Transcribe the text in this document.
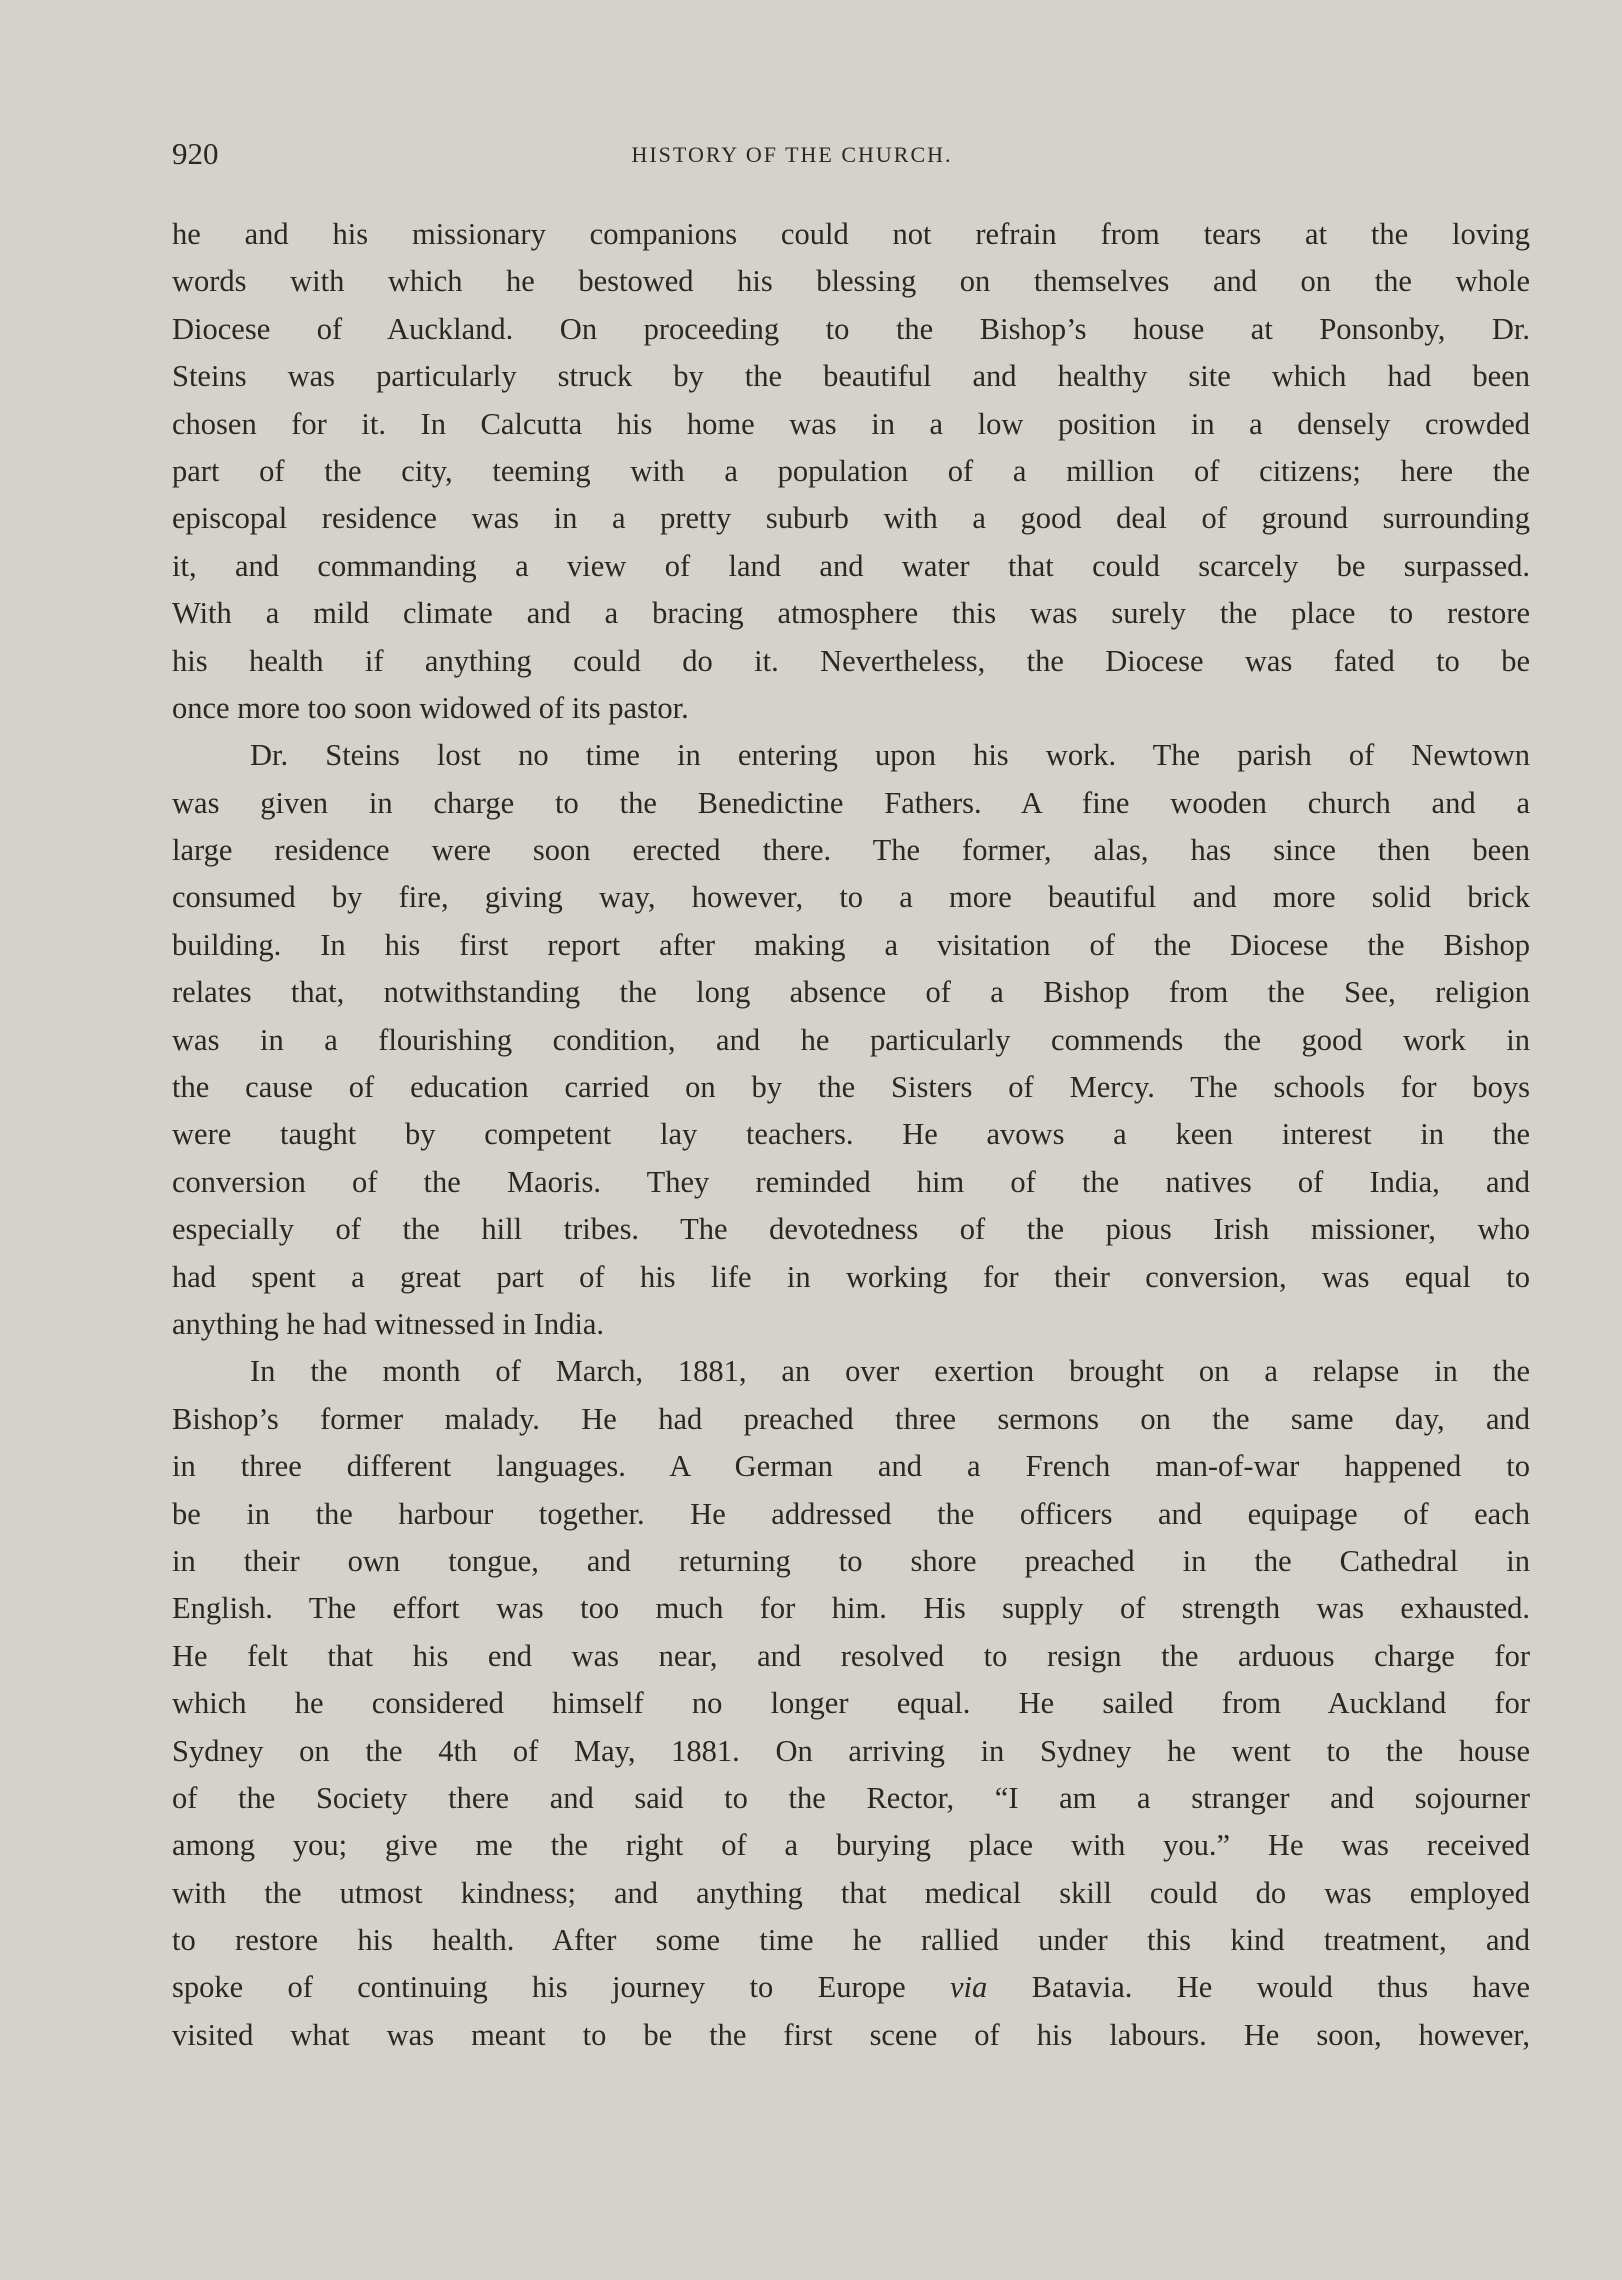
920	HISTORY OF THE CHURCH.
he and his missionary companions could not refrain from tears at the loving
words with which he bestowed his blessing on themselves and on the whole
Diocese of Auckland. On proceeding to the Bishop’s house at Ponsonby, Dr.
Steins was particularly struck by the beautiful and healthy site which had been
chosen for it. In Calcutta his home was in a low position in a densely crowded
part of the city, teeming with a population of a million of citizens; here the
episcopal residence was in a pretty suburb with a good deal of ground surrounding
it, and commanding a view of land and water that could scarcely be surpassed.
With a mild climate and a bracing atmosphere this was surely the place to restore
his health if anything could do it. Nevertheless, the Diocese was fated to be
once more too soon widowed of its pastor.
Dr. Steins lost no time in entering upon his work. The parish of Newtown
was given in charge to the Benedictine Fathers. A fine wooden church and a
large residence were soon erected there. The former, alas, has since then been
consumed by fire, giving way, however, to a more beautiful and more solid brick
building. In his first report after making a visitation of the Diocese the Bishop
relates that, notwithstanding the long absence of a Bishop from the See, religion
was in a flourishing condition, and he particularly commends the good work in
the cause of education carried on by the Sisters of Mercy. The schools for boys
were taught by competent lay teachers. He avows a keen interest in the
conversion of the Maoris. They reminded him of the natives of India, and
especially of the hill tribes. The devotedness of the pious Irish missioner, who
had spent a great part of his life in working for their conversion, was equal to
anything he had witnessed in India.
In the month of March, 1881, an over exertion brought on a relapse in the
Bishop’s former malady. He had preached three sermons on the same day, and
in three different languages. A German and a French man-of-war happened to
be in the harbour together. He addressed the officers and equipage of each
in their own tongue, and returning to shore preached in the Cathedral in
English. The effort was too much for him. His supply of strength was exhausted.
He felt that his end was near, and resolved to resign the arduous charge for
which he considered himself no longer equal. He sailed from Auckland for
Sydney on the 4th of May, 1881. On arriving in Sydney he went to the house
of the Society there and said to the Rector, “I am a stranger and sojourner
among you; give me the right of a burying place with you.” He was received
with the utmost kindness; and anything that medical skill could do was employed
to restore his health. After some time he rallied under this kind treatment, and
spoke of continuing his journey to Europe via Batavia. He would thus have
visited what was meant to be the first scene of his labours. He soon, however,
